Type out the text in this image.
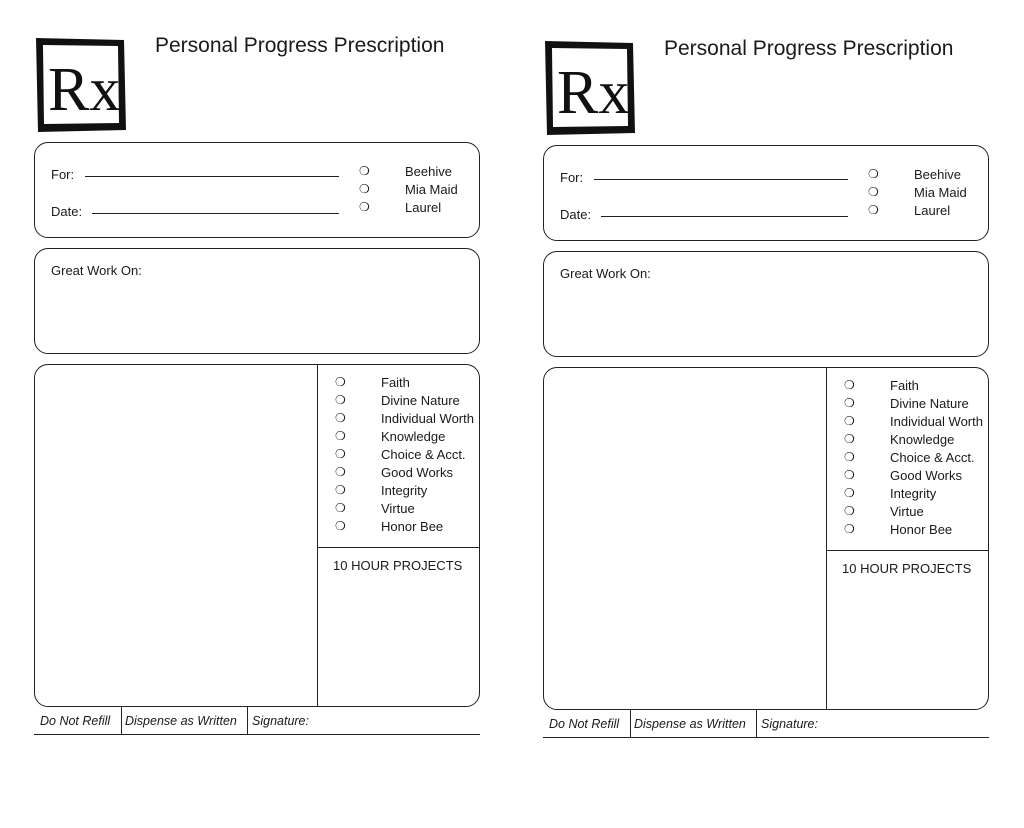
Rx
Personal Progress Prescription
For:
Date:
❍	Beehive
❍	Mia Maid
❍	Laurel
Great Work On:
❍	Faith
❍	Divine Nature
❍	Individual Worth
❍	Knowledge
❍	Choice & Acct.
❍	Good Works
❍	Integrity
❍	Virtue
❍	Honor Bee
10 HOUR PROJECTS
Do Not Refill Dispense as Written Signature:
Rx
Personal Progress Prescription
For:
Date:
❍	Beehive
❍	Mia Maid
❍	Laurel
Great Work On:
❍	Faith
❍	Divine Nature
❍	Individual Worth
❍	Knowledge
❍	Choice & Acct.
❍	Good Works
❍	Integrity
❍	Virtue
❍	Honor Bee
10 HOUR PROJECTS
Do Not Refill Dispense as Written Signature:
